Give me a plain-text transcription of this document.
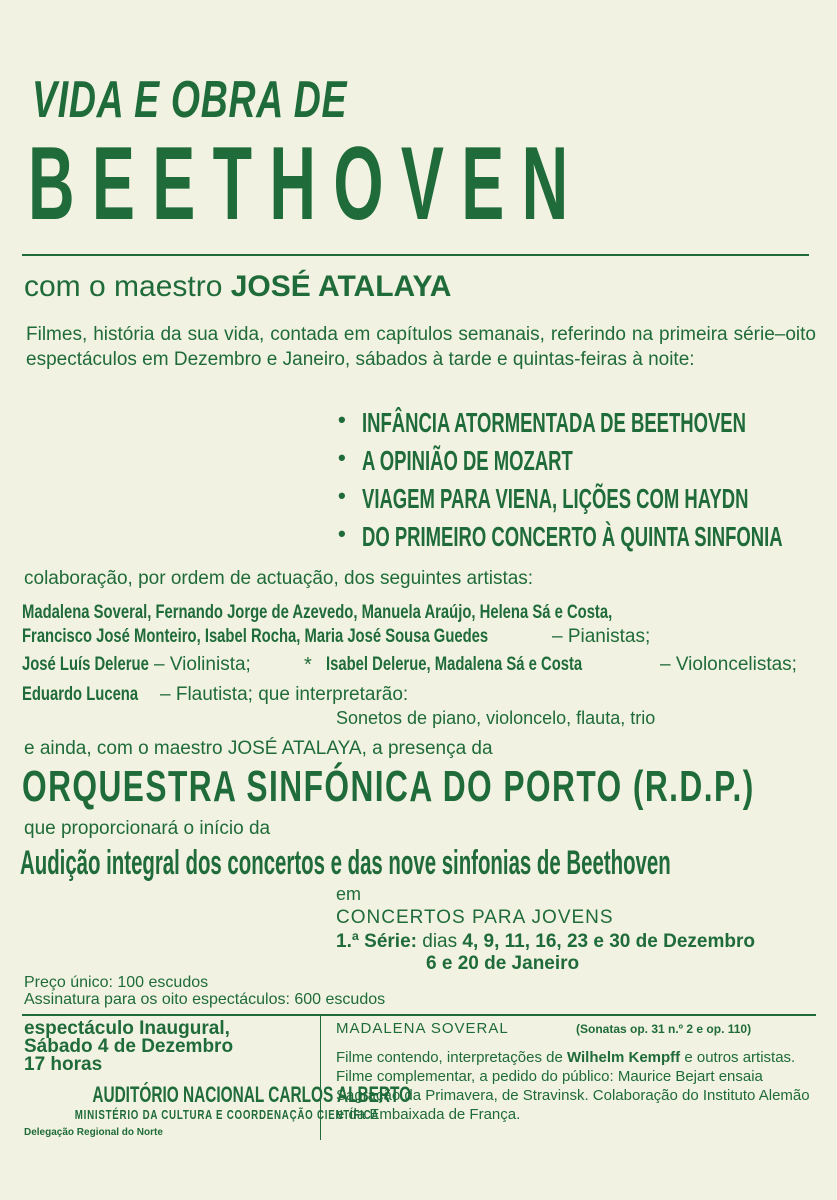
VIDA E OBRA DE
BEETHOVEN
com o maestro JOSÉ ATALAYA
Filmes, história da sua vida, contada em capítulos semanais, referindo na primeira série–oito espectáculos em Dezembro e Janeiro, sábados à tarde e quintas-feiras à noite:
• INFÂNCIA ATORMENTADA DE BEETHOVEN
• A OPINIÃO DE MOZART
• VIAGEM PARA VIENA, LIÇÕES COM HAYDN
• DO PRIMEIRO CONCERTO À QUINTA SINFONIA
colaboração, por ordem de actuação, dos seguintes artistas:
Madalena Soveral, Fernando Jorge de Azevedo, Manuela Araújo, Helena Sá e Costa,
Francisco José Monteiro, Isabel Rocha, Maria José Sousa Guedes	– Pianistas;
José Luís Delerue – Violinista;	* Isabel Delerue, Madalena Sá e Costa	– Violoncelistas;
Eduardo Lucena – Flautista; que interpretarão:
Sonetos de piano, violoncelo, flauta, trio
e ainda, com o maestro JOSÉ ATALAYA, a presença da
ORQUESTRA SINFÓNICA DO PORTO (R.D.P.)
que proporcionará o início da
Audição integral dos concertos e das nove sinfonias de Beethoven
em
CONCERTOS PARA JOVENS
1.ª Série: dias 4, 9, 11, 16, 23 e 30 de Dezembro
6 e 20 de Janeiro
Preço único: 100 escudos
Assinatura para os oito espectáculos: 600 escudos
espectáculo Inaugural,
Sábado 4 de Dezembro
17 horas
AUDITÓRIO NACIONAL CARLOS ALBERTO
MINISTÉRIO DA CULTURA E COORDENAÇÃO CIENTÍFICA
Delegação Regional do Norte
MADALENA SOVERAL	(Sonatas op. 31 n.º 2 e op. 110)
Filme contendo, interpretações de Wilhelm Kempff e outros artistas. Filme complementar, a pedido do público: Maurice Bejart ensaia Sagração da Primavera, de Stravinsk. Colaboração do Instituto Alemão e da Embaixada de França.
